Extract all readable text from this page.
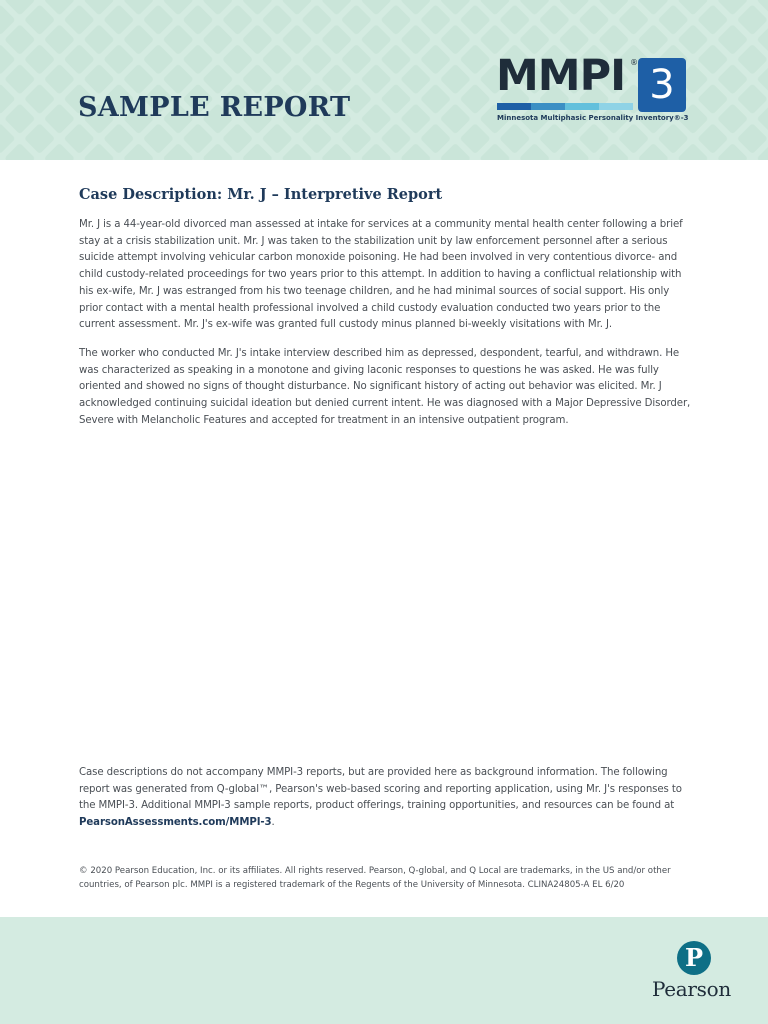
SAMPLE REPORT
MMPI ® 3
Minnesota Multiphasic Personality Inventory®-3
Case Description: Mr. J – Interpretive Report

Mr. J is a 44-year-old divorced man assessed at intake for services at a community mental health center following a brief stay at a crisis stabilization unit. Mr. J was taken to the stabilization unit by law enforcement personnel after a serious suicide attempt involving vehicular carbon monoxide poisoning. He had been involved in very contentious divorce- and child custody-related proceedings for two years prior to this attempt. In addition to having a conflictual relationship with his ex-wife, Mr. J was estranged from his two teenage children, and he had minimal sources of social support. His only prior contact with a mental health professional involved a child custody evaluation conducted two years prior to the current assessment. Mr. J's ex-wife was granted full custody minus planned bi-weekly visitations with Mr. J.

The worker who conducted Mr. J's intake interview described him as depressed, despondent, tearful, and withdrawn. He was characterized as speaking in a monotone and giving laconic responses to questions he was asked. He was fully oriented and showed no signs of thought disturbance. No significant history of acting out behavior was elicited. Mr. J acknowledged continuing suicidal ideation but denied current intent. He was diagnosed with a Major Depressive Disorder, Severe with Melancholic Features and accepted for treatment in an intensive outpatient program.

Case descriptions do not accompany MMPI-3 reports, but are provided here as background information. The following report was generated from Q-global™, Pearson's web-based scoring and reporting application, using Mr. J's responses to the MMPI-3. Additional MMPI-3 sample reports, product offerings, training opportunities, and resources can be found at PearsonAssessments.com/MMPI-3.

© 2020 Pearson Education, Inc. or its affiliates. All rights reserved. Pearson, Q-global, and Q Local are trademarks, in the US and/or other countries, of Pearson plc. MMPI is a registered trademark of the Regents of the University of Minnesota. CLINA24805-A EL 6/20
P
Pearson
